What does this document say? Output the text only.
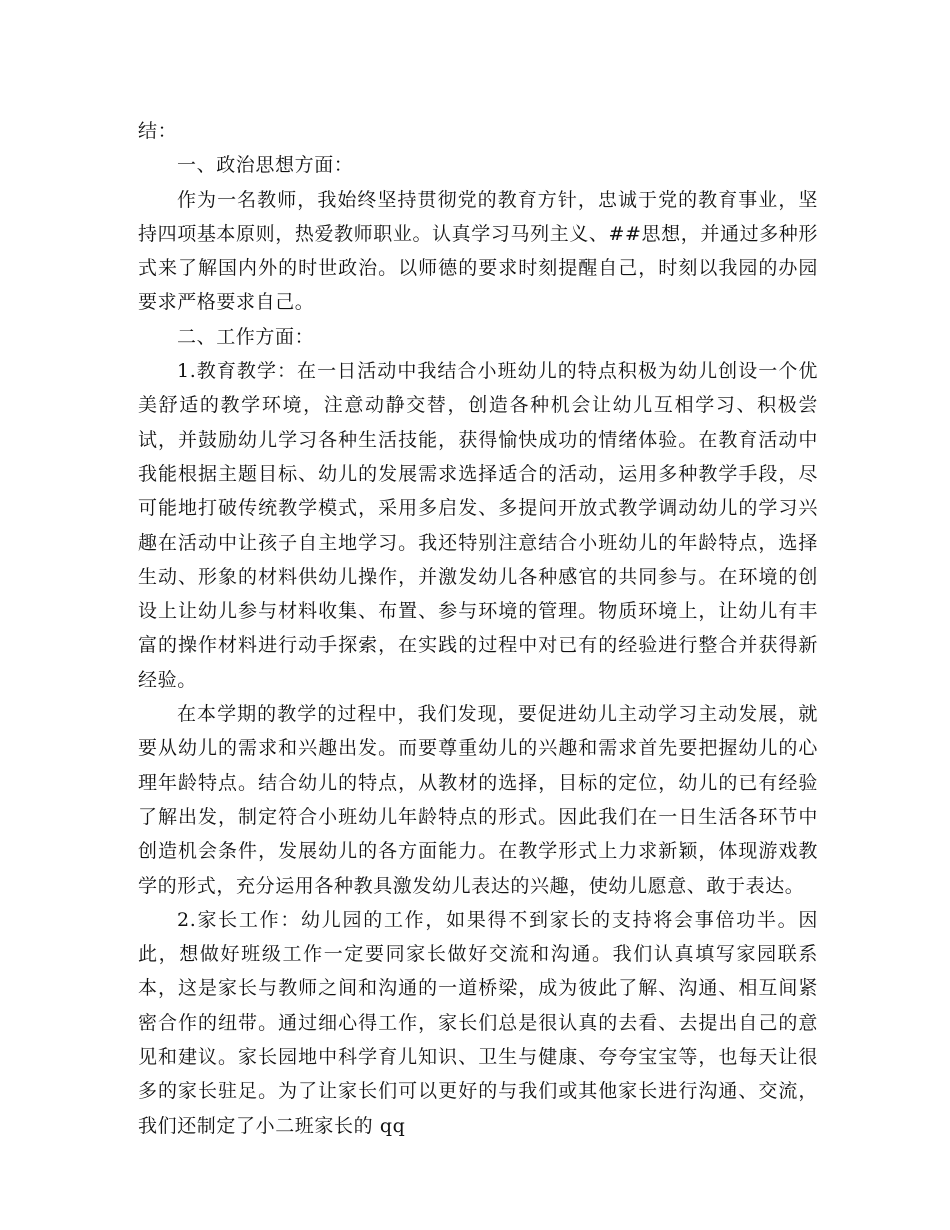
结：

一、政治思想方面：

作为一名教师，我始终坚持贯彻党的教育方针，忠诚于党的教育事业，坚持四项基本原则，热爱教师职业。认真学习马列主义、##思想，并通过多种形式来了解国内外的时世政治。以师德的要求时刻提醒自己，时刻以我园的办园要求严格要求自己。

二、工作方面：

1.教育教学：在一日活动中我结合小班幼儿的特点积极为幼儿创设一个优美舒适的教学环境，注意动静交替，创造各种机会让幼儿互相学习、积极尝试，并鼓励幼儿学习各种生活技能，获得愉快成功的情绪体验。在教育活动中我能根据主题目标、幼儿的发展需求选择适合的活动，运用多种教学手段，尽可能地打破传统教学模式，采用多启发、多提问开放式教学调动幼儿的学习兴趣在活动中让孩子自主地学习。我还特别注意结合小班幼儿的年龄特点，选择生动、形象的材料供幼儿操作，并激发幼儿各种感官的共同参与。在环境的创设上让幼儿参与材料收集、布置、参与环境的管理。物质环境上，让幼儿有丰富的操作材料进行动手探索，在实践的过程中对已有的经验进行整合并获得新经验。

在本学期的教学的过程中，我们发现，要促进幼儿主动学习主动发展，就要从幼儿的需求和兴趣出发。而要尊重幼儿的兴趣和需求首先要把握幼儿的心理年龄特点。结合幼儿的特点，从教材的选择，目标的定位，幼儿的已有经验了解出发，制定符合小班幼儿年龄特点的形式。因此我们在一日生活各环节中创造机会条件，发展幼儿的各方面能力。在教学形式上力求新颖，体现游戏教学的形式，充分运用各种教具激发幼儿表达的兴趣，使幼儿愿意、敢于表达。

2.家长工作：幼儿园的工作，如果得不到家长的支持将会事倍功半。因此，想做好班级工作一定要同家长做好交流和沟通。我们认真填写家园联系本，这是家长与教师之间和沟通的一道桥梁，成为彼此了解、沟通、相互间紧密合作的纽带。通过细心得工作，家长们总是很认真的去看、去提出自己的意见和建议。家长园地中科学育儿知识、卫生与健康、夸夸宝宝等，也每天让很多的家长驻足。为了让家长们可以更好的与我们或其他家长进行沟通、交流，我们还制定了小二班家长的 qq
